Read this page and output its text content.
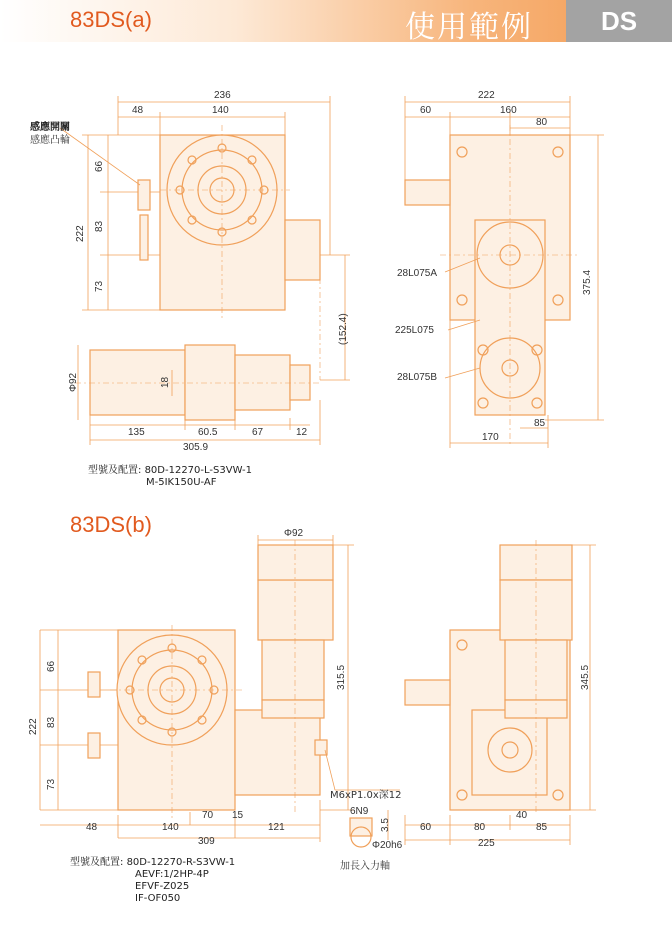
83DS(a)	使用範例	DS
感應開關
感應凸輪
236
48	140
66
222 83
73
(152.4)
Φ92	18
135	60.5	67	12
305.9
222
60	160
80
375.4
85
170
28L075A
225L075
28L075B
型號及配置: 80D-12270-L-S3VW-1
M-5IK150U-AF
83DS(b)	Φ92
66
222 83
73
315.5	345.5
48	140
70 15
121
309
M6xP1.0x深12
6N9
3.5
Φ20h6
加長入力軸
60	80
40
85
225
型號及配置: 80D-12270-R-S3VW-1
AEVF:1/2HP-4P
EFVF-Z025
IF-OF050
